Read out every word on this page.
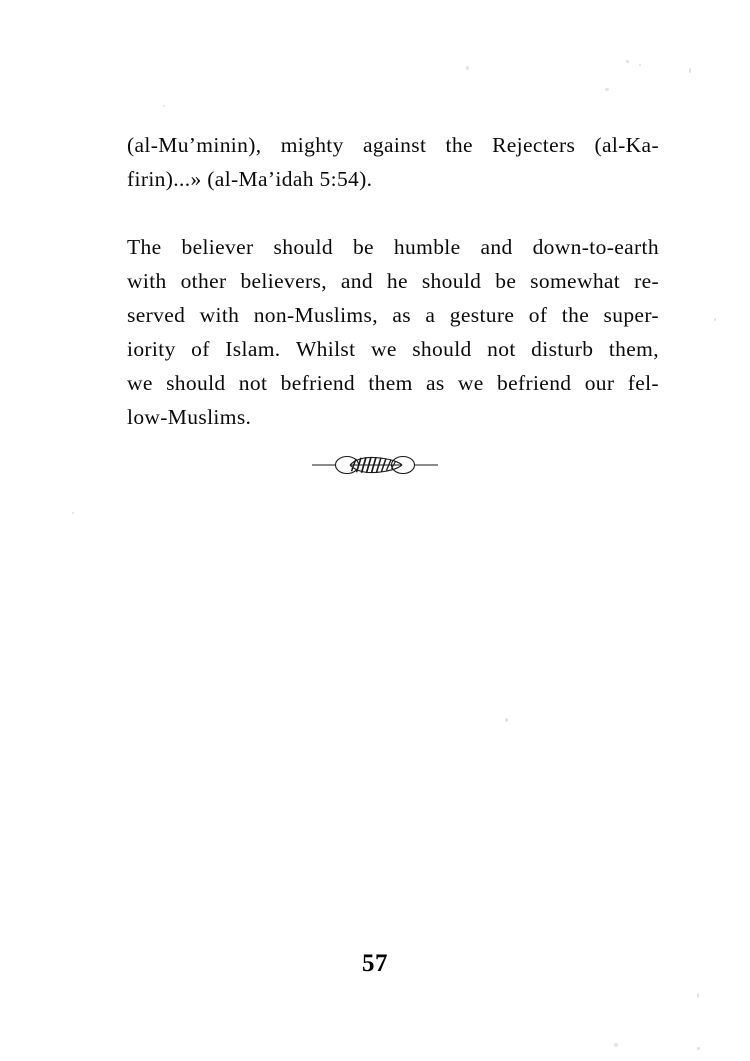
(al-Mu’minin), mighty against the Rejecters (al-Ka-
firin)...» (al-Ma’idah 5:54).
The believer should be humble and down-to-earth
with other believers, and he should be somewhat re-
served with non-Muslims, as a gesture of the super-
iority of Islam. Whilst we should not disturb them,
we should not befriend them as we befriend our fel-
low-Muslims.
57
